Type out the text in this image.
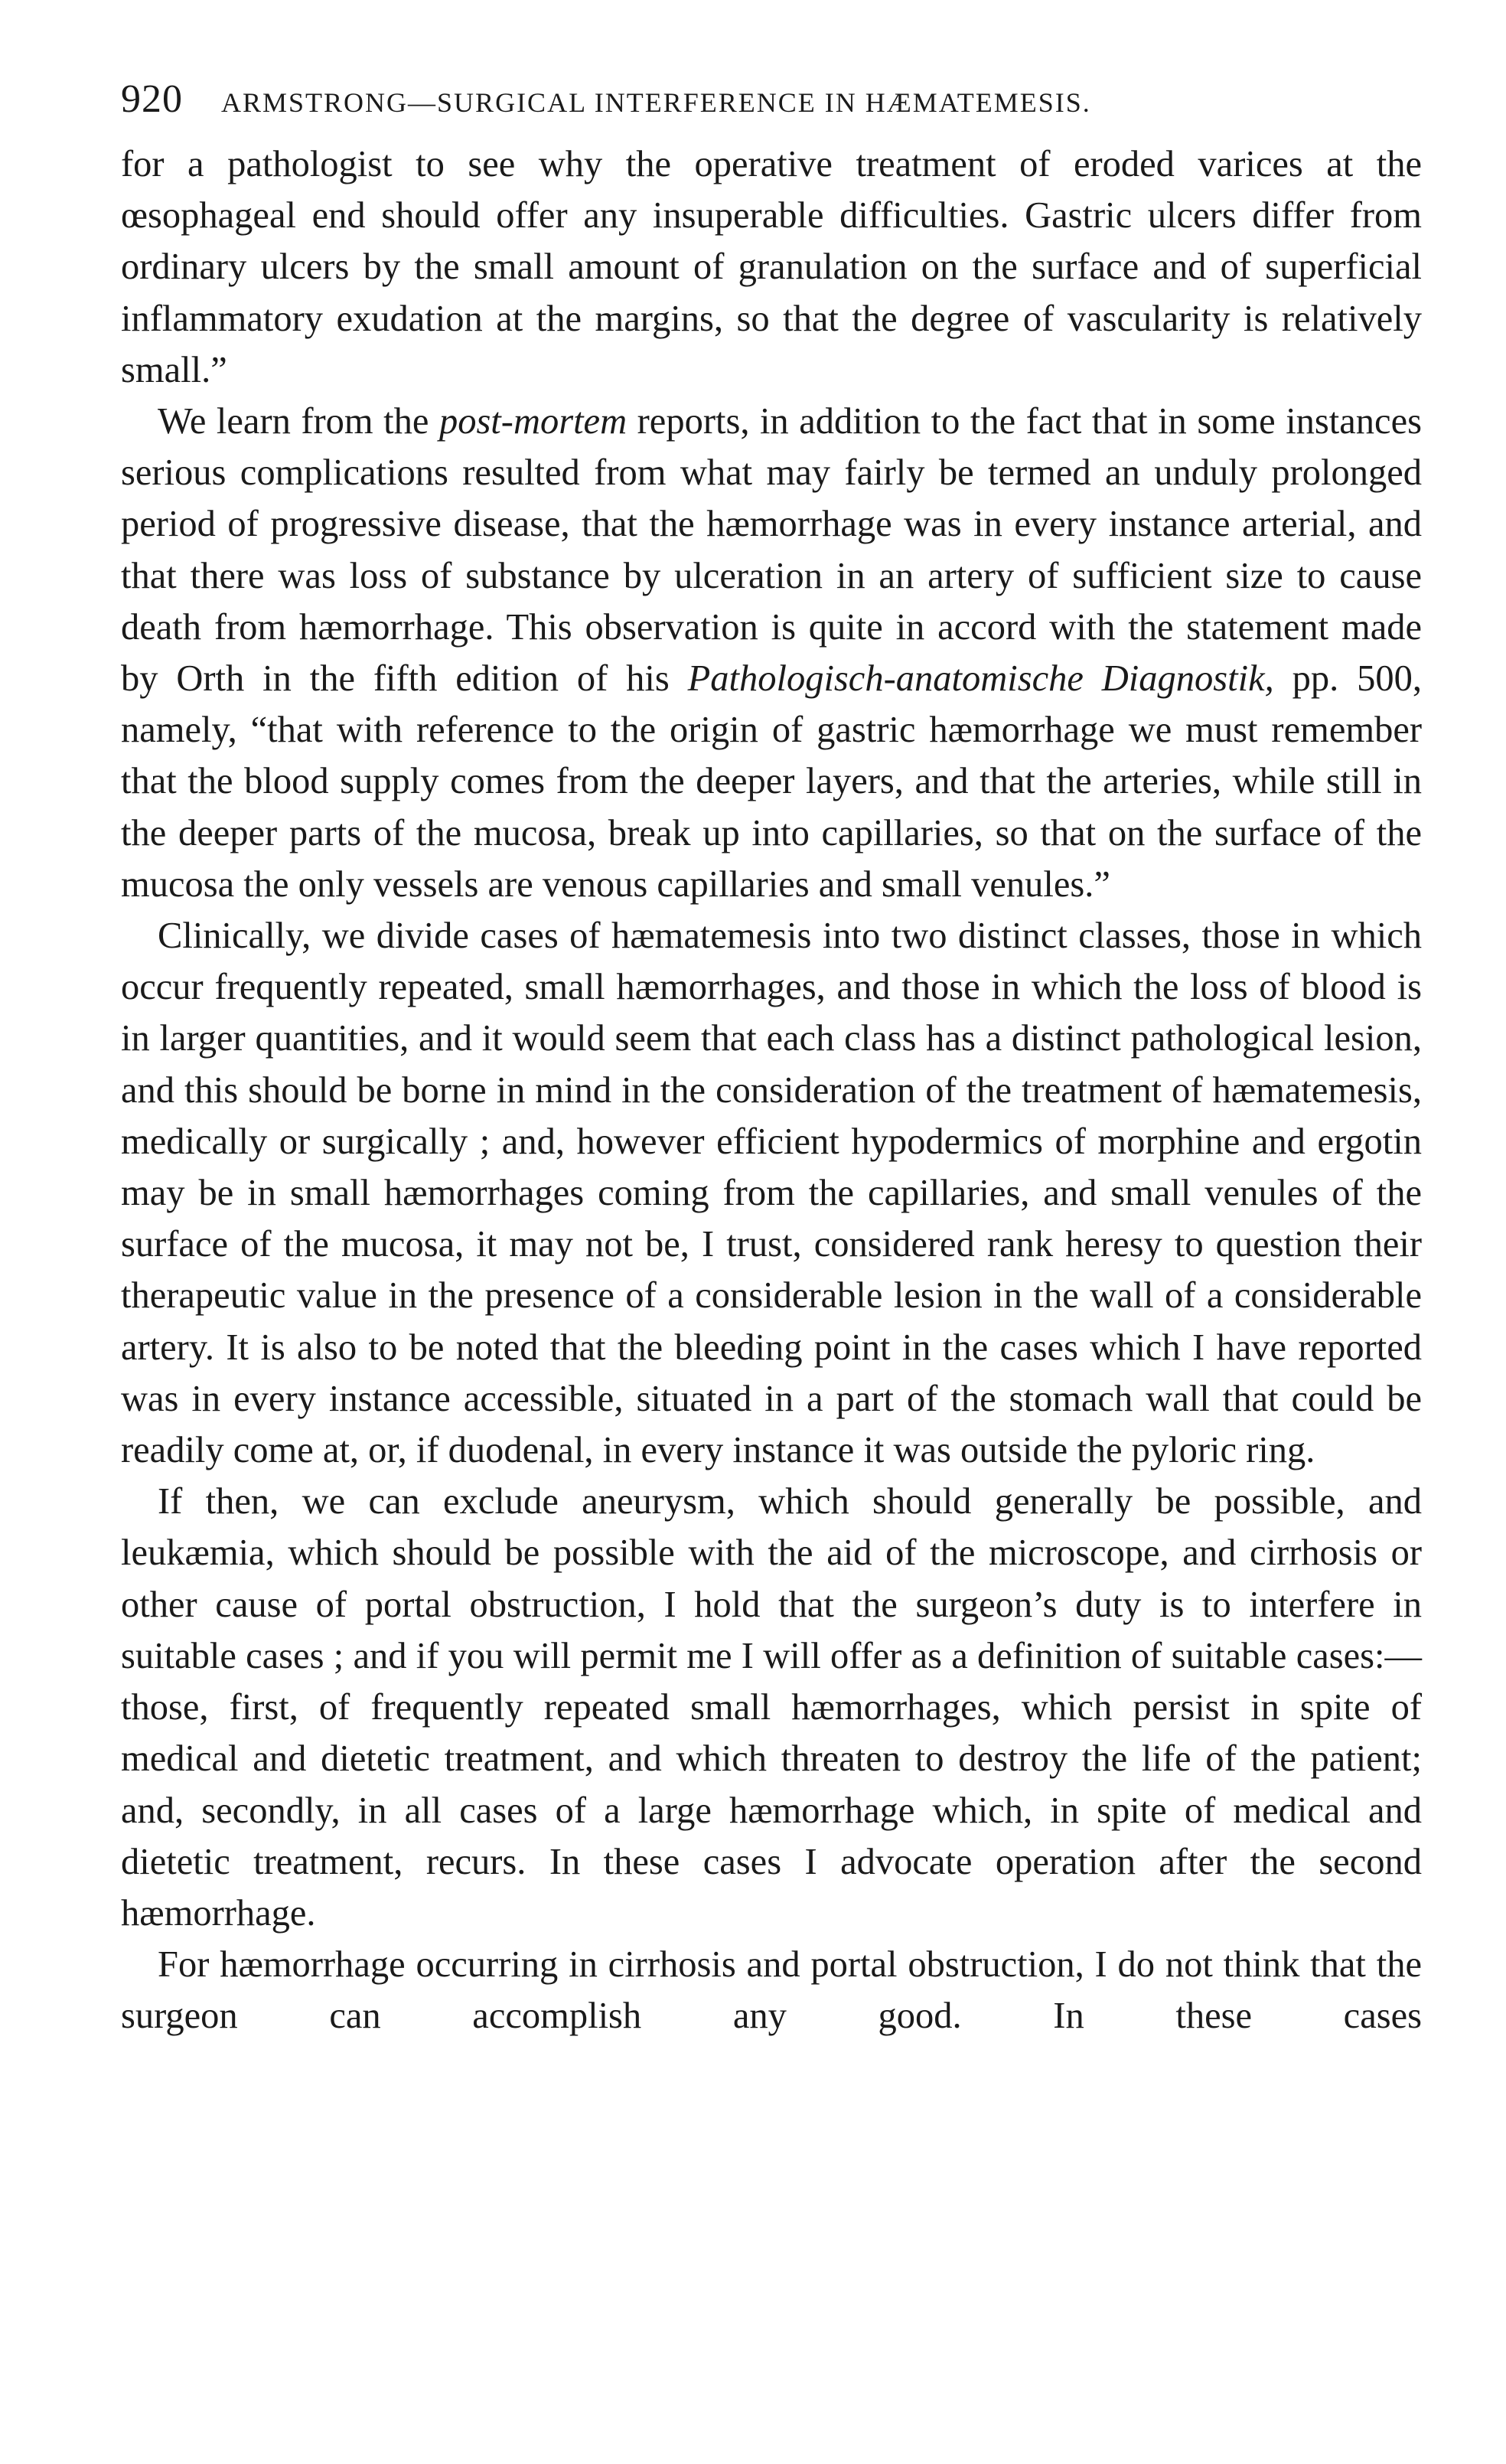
920 ARMSTRONG—SURGICAL INTERFERENCE IN HÆMATEMESIS.

for a pathologist to see why the operative treatment of eroded varices at the œsophageal end should offer any insuperable difficulties. Gastric ulcers differ from ordinary ulcers by the small amount of granulation on the surface and of superficial inflammatory exudation at the margins, so that the degree of vascularity is relatively small.”

We learn from the post-mortem reports, in addition to the fact that in some instances serious complications resulted from what may fairly be termed an unduly prolonged period of progressive disease, that the hæmorrhage was in every instance arterial, and that there was loss of substance by ulceration in an artery of sufficient size to cause death from hæmorrhage. This observation is quite in accord with the statement made by Orth in the fifth edition of his Pathologisch-anatomische Diagnostik, pp. 500, namely, “that with reference to the origin of gastric hæmorrhage we must remember that the blood supply comes from the deeper layers, and that the arteries, while still in the deeper parts of the mucosa, break up into capillaries, so that on the surface of the mucosa the only vessels are venous capillaries and small venules.”

Clinically, we divide cases of hæmatemesis into two distinct classes, those in which occur frequently repeated, small hæmorrhages, and those in which the loss of blood is in larger quantities, and it would seem that each class has a distinct pathological lesion, and this should be borne in mind in the consideration of the treatment of hæmatemesis, medically or surgically ; and, however efficient hypodermics of morphine and ergotin may be in small hæmorrhages coming from the capillaries, and small venules of the surface of the mucosa, it may not be, I trust, considered rank heresy to question their therapeutic value in the presence of a considerable lesion in the wall of a considerable artery. It is also to be noted that the bleeding point in the cases which I have reported was in every instance accessible, situated in a part of the stomach wall that could be readily come at, or, if duodenal, in every instance it was outside the pyloric ring.

If then, we can exclude aneurysm, which should generally be possible, and leukæmia, which should be possible with the aid of the microscope, and cirrhosis or other cause of portal obstruction, I hold that the surgeon’s duty is to interfere in suitable cases ; and if you will permit me I will offer as a definition of suitable cases:—those, first, of frequently repeated small hæmorrhages, which persist in spite of medical and dietetic treatment, and which threaten to destroy the life of the patient; and, secondly, in all cases of a large hæmorrhage which, in spite of medical and dietetic treatment, recurs. In these cases I advocate operation after the second hæmorrhage.

For hæmorrhage occurring in cirrhosis and portal obstruction, I do not think that the surgeon can accomplish any good. In these cases
